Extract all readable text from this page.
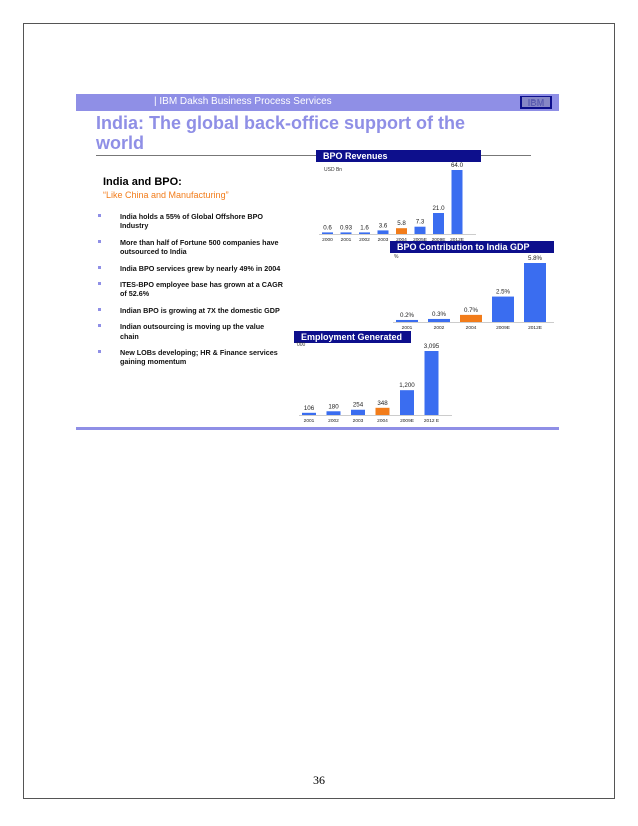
| IBM Daksh Business Process Services	IBM
India: The global back-office support of the world
India and BPO:
“Like China and Manufacturing”
India holds a 55% of Global Offshore BPO Industry
More than half of Fortune 500 companies have outsourced to India
India BPO services grew by nearly 49% in 2004
ITES-BPO employee base has grown at a CAGR of 52.6%
Indian BPO is growing at 7X the domestic GDP
Indian outsourcing is moving up the value chain
New LOBs developing; HR & Finance services gaining momentum
BPO Revenues
USD Bn
0.6
2000
0.93
2001
1.6
2002
3.6
2003
5.8 7.3
21.0
64.0
BPO Contribution to India GDP
%
0.2%
2001
0.3%
2002
0.7%
2004
2.5%
2009E
5.8%
2012E
Employment Generated
'000
106
2001
180
2002
254
2003
348
2004
1,200
2009E
3,095
2012 E
36
